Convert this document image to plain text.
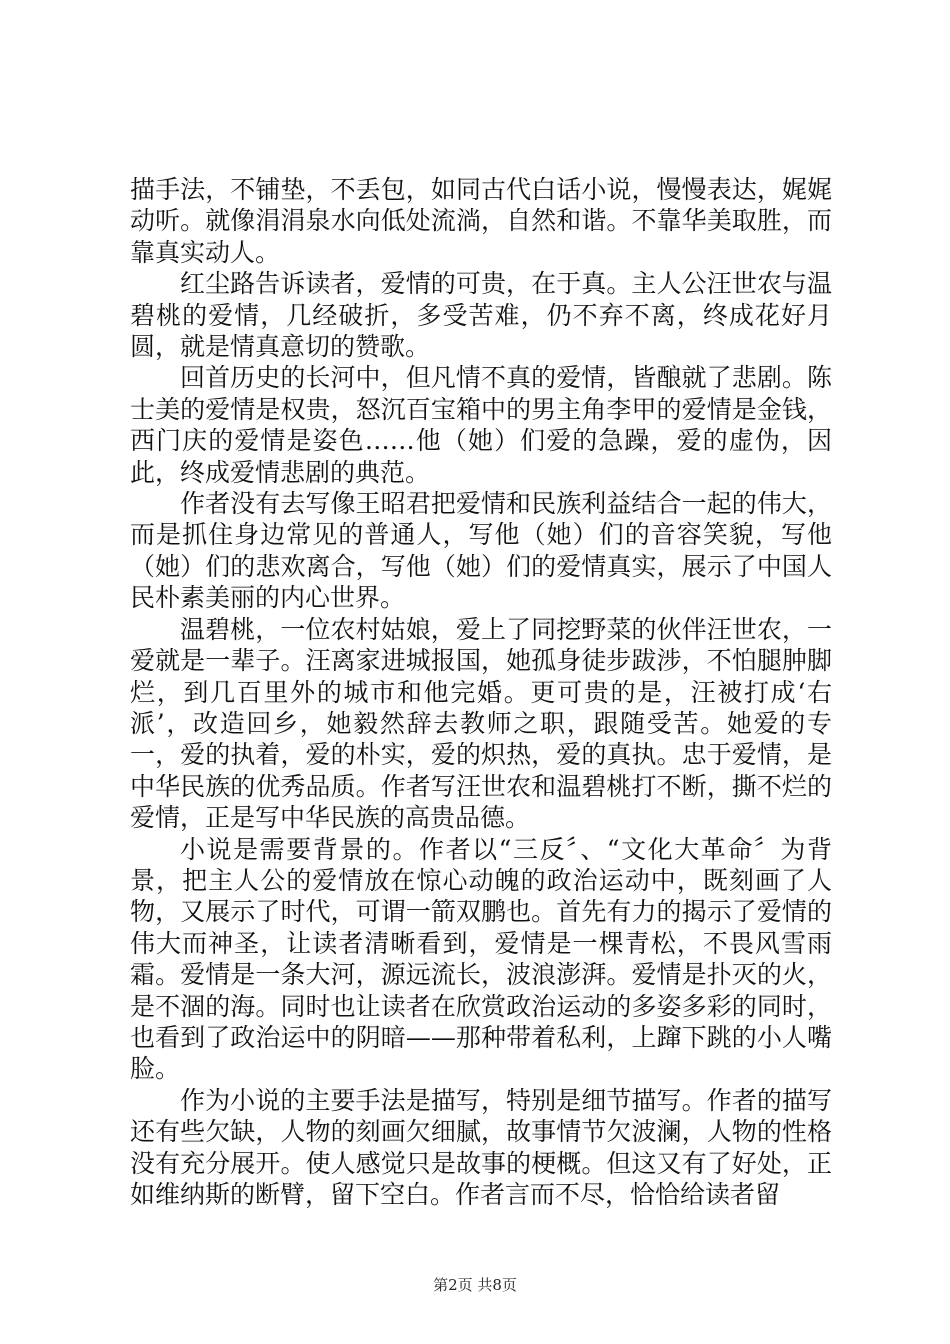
描手法，不铺垫，不丢包，如同古代白话小说，慢慢表达，娓娓动听。就像涓涓泉水向低处流淌，自然和谐。不靠华美取胜，而靠真实动人。

红尘路告诉读者，爱情的可贵，在于真。主人公汪世农与温碧桃的爱情，几经破折，多受苦难，仍不弃不离，终成花好月圆，就是情真意切的赞歌。

回首历史的长河中，但凡情不真的爱情，皆酿就了悲剧。陈士美的爱情是权贵，怒沉百宝箱中的男主角李甲的爱情是金钱，西门庆的爱情是姿色……他（她）们爱的急躁，爱的虚伪，因此，终成爱情悲剧的典范。

作者没有去写像王昭君把爱情和民族利益结合一起的伟大，而是抓住身边常见的普通人，写他（她）们的音容笑貌，写他（她）们的悲欢离合，写他（她）们的爱情真实，展示了中国人民朴素美丽的内心世界。

温碧桃，一位农村姑娘，爱上了同挖野菜的伙伴汪世农，一爱就是一辈子。汪离家进城报国，她孤身徒步跋涉，不怕腿肿脚烂，到几百里外的城市和他完婚。更可贵的是，汪被打成‘右派’，改造回乡，她毅然辞去教师之职，跟随受苦。她爱的专一，爱的执着，爱的朴实，爱的炽热，爱的真执。忠于爱情，是中华民族的优秀品质。作者写汪世农和温碧桃打不断，撕不烂的爱情，正是写中华民族的高贵品德。

小说是需要背景的。作者以“三反〞、“文化大革命〞为背景，把主人公的爱情放在惊心动魄的政治运动中，既刻画了人物，又展示了时代，可谓一箭双鹏也。首先有力的揭示了爱情的伟大而神圣，让读者清晰看到，爱情是一棵青松，不畏风雪雨霜。爱情是一条大河，源远流长，波浪澎湃。爱情是扑灭的火，是不涸的海。同时也让读者在欣赏政治运动的多姿多彩的同时，也看到了政治运中的阴暗——那种带着私利，上蹿下跳的小人嘴脸。

作为小说的主要手法是描写，特别是细节描写。作者的描写还有些欠缺，人物的刻画欠细腻，故事情节欠波澜，人物的性格没有充分展开。使人感觉只是故事的梗概。但这又有了好处，正如维纳斯的断臂，留下空白。作者言而不尽，恰恰给读者留

第2页 共8页
